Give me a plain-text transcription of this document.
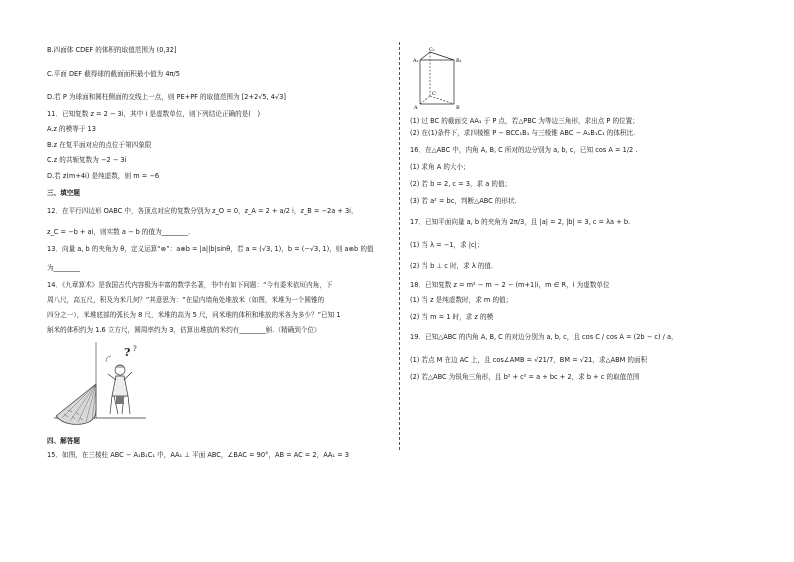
B.四面体 CDEF 的体积的取值范围为 (0,32]
C.平面 DEF 截得球的截面面积最小值为 4π/5
D.若 P 为球面和圆柱侧面的交线上一点，则 PE+PF 的取值范围为 [2+2√5, 4√3]
11．已知复数 z = 2 − 3i，其中 i 是虚数单位，则下列结论正确的是(　)
A.z 的模等于 13
B.z 在复平面对应的点位于第四象限
C.z 的共轭复数为 −2 − 3i
D.若 z(m+4i) 是纯虚数，则 m = −6
三、填空题
12．在平行四边形 OABC 中，各顶点对应的复数分别为 z_O = 0，z_A = 2 + a/2 i，z_B = −2a + 3i，
z_C = −b + ai，则实数 a − b 的值为________.
13．向量 a, b 的夹角为 θ，定义运算“⊗”：a⊗b = |a||b|sinθ，若 a = (√3, 1)，b = (−√3, 1)，则 a⊗b 的值
为________
14．《九章算术》是我国古代内容极为丰富的数学名著，书中有如下问题：“今有委米依垣内角，下
周八尺，高五尺，积及为米几何？”其意思为：“在屋内墙角处堆放米（如图，米堆为一个圆锥的
四分之一），米堆底部的弧长为 8 尺，米堆的高为 5 尺，问米堆的体积和堆放的米各为多少？”已知 1
斛米的体积约为 1.6 立方尺，圆周率约为 3，估算出堆放的米约有________斛.（精确到个位）
? ?
四、解答题
15．如图，在三棱柱 ABC − A₁B₁C₁ 中，AA₁ ⊥ 平面 ABC，∠BAC = 90°，AB = AC = 2，AA₁ = 3
C₁
A₁	B₁
C
A	B
(1) 过 BC 的截面交 AA₁ 于 P 点，若△PBC 为等边三角形，求出点 P 的位置；
(2) 在(1)条件下，求四棱锥 P − BCC₁B₁ 与三棱锥 ABC − A₁B₁C₁ 的体积比.
16．在△ABC 中，内角 A, B, C 所对的边分别为 a, b, c，已知 cos A = 1/2 .
(1) 求角 A 的大小；
(2) 若 b = 2, c = 3，求 a 的值；
(3) 若 a² = bc，判断△ABC 的形状.
17．已知平面向量 a, b 的夹角为 2π/3，且 |a| = 2, |b| = 3, c = λa + b.
(1) 当 λ = −1，求 |c|；
(2) 当 b ⊥ c 时，求 λ 的值.
18．已知复数 z = m² − m − 2 − (m+1)i，m ∈ R，i 为虚数单位
(1) 当 z 是纯虚数时，求 m 的值；
(2) 当 m = 1 时，求 z 的模
19．已知△ABC 的内角 A, B, C 的对边分别为 a, b, c，且 cos C / cos A = (2b − c) / a，
(1) 若点 M 在边 AC 上，且 cos∠AMB = √21/7，BM = √21，求△ABM 的面积
(2) 若△ABC 为锐角三角形，且 b² + c² = a + bc + 2，求 b + c 的取值范围
